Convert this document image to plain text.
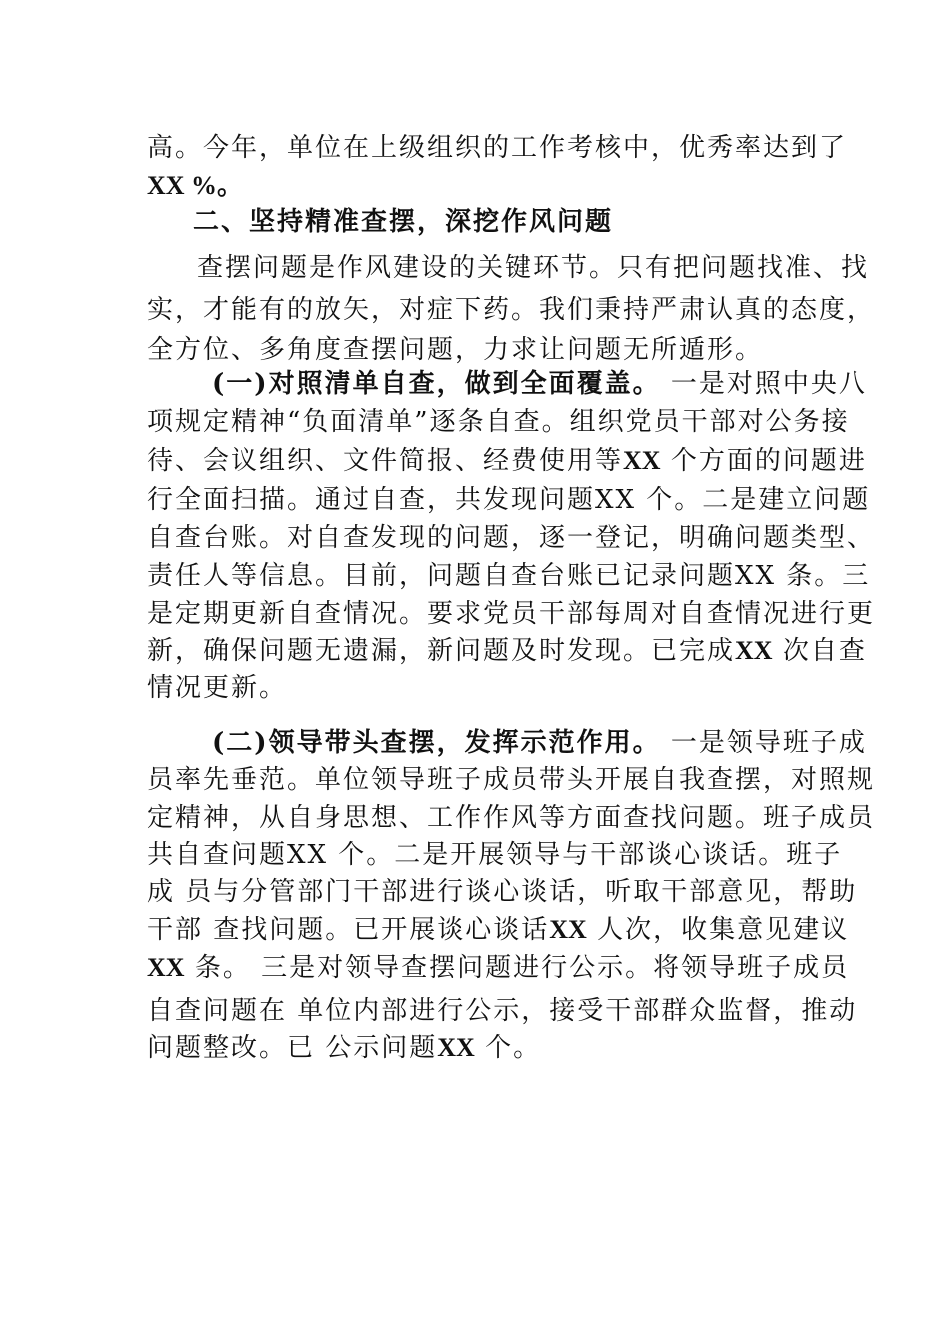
高。今年，单位在上级组织的工作考核中，优秀率达到了
XX %。
二、坚持精准查摆，深挖作风问题
查摆问题是作风建设的关键环节。只有把问题找准、找
实，才能有的放矢，对症下药。我们秉持严肃认真的态度，
全方位、多角度查摆问题，力求让问题无所遁形。
(一)对照清单自查，做到全面覆盖。 一是对照中央八
项规定精神“负面清单”逐条自查。组织党员干部对公务接
待、会议组织、文件简报、经费使用等XX 个方面的问题进
行全面扫描。通过自查，共发现问题XX 个。二是建立问题
自查台账。对自查发现的问题，逐一登记，明确问题类型、
责任人等信息。目前，问题自查台账已记录问题XX 条。三
是定期更新自查情况。要求党员干部每周对自查情况进行更
新，确保问题无遗漏，新问题及时发现。已完成XX 次自查
情况更新。
(二)领导带头查摆，发挥示范作用。 一是领导班子成
员率先垂范。单位领导班子成员带头开展自我查摆，对照规
定精神，从自身思想、工作作风等方面查找问题。班子成员
共自查问题XX 个。二是开展领导与干部谈心谈话。班子
成 员与分管部门干部进行谈心谈话，听取干部意见，帮助
干部 查找问题。已开展谈心谈话XX 人次，收集意见建议
XX 条。 三是对领导查摆问题进行公示。将领导班子成员
自查问题在 单位内部进行公示，接受干部群众监督，推动
问题整改。已 公示问题XX 个。
